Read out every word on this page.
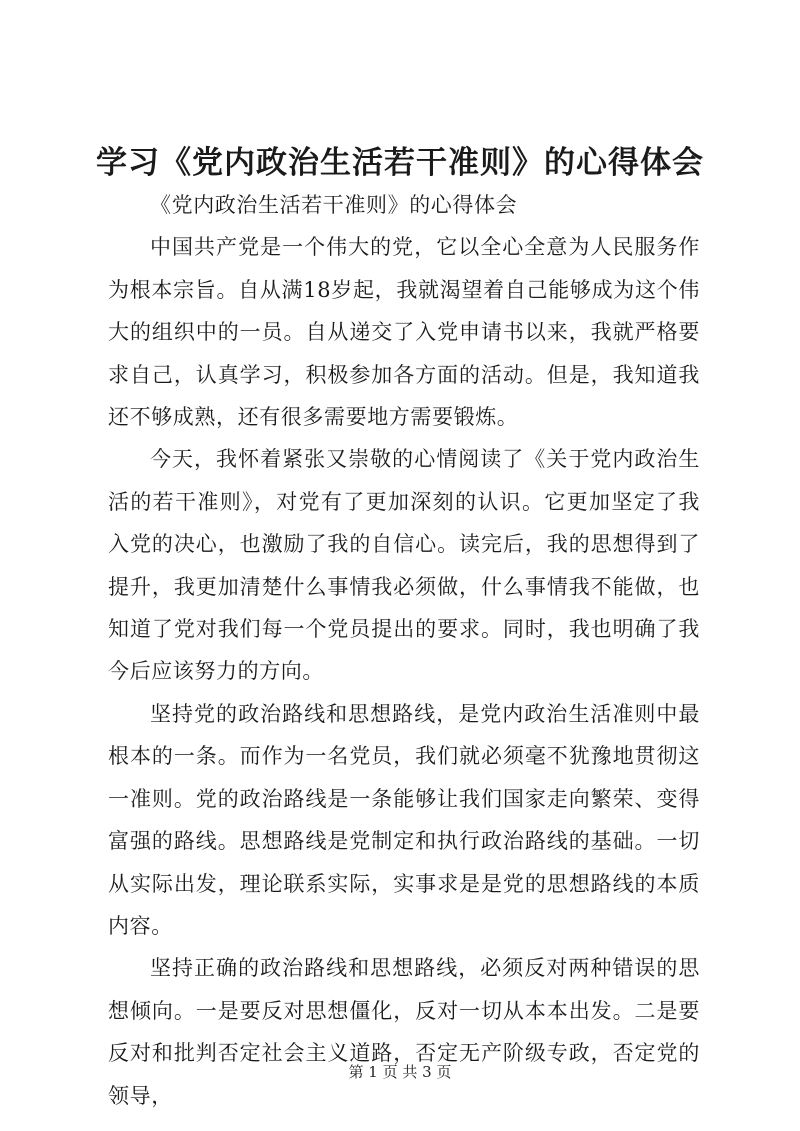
学习《党内政治生活若干准则》的心得体会

《党内政治生活若干准则》的心得体会

中国共产党是一个伟大的党，它以全心全意为人民服务作为根本宗旨。自从满18岁起，我就渴望着自己能够成为这个伟大的组织中的一员。自从递交了入党申请书以来，我就严格要求自己，认真学习，积极参加各方面的活动。但是，我知道我还不够成熟，还有很多需要地方需要锻炼。

今天，我怀着紧张又崇敬的心情阅读了《关于党内政治生活的若干准则》，对党有了更加深刻的认识。它更加坚定了我入党的决心，也激励了我的自信心。读完后，我的思想得到了提升，我更加清楚什么事情我必须做，什么事情我不能做，也知道了党对我们每一个党员提出的要求。同时，我也明确了我今后应该努力的方向。

坚持党的政治路线和思想路线，是党内政治生活准则中最根本的一条。而作为一名党员，我们就必须毫不犹豫地贯彻这一准则。党的政治路线是一条能够让我们国家走向繁荣、变得富强的路线。思想路线是党制定和执行政治路线的基础。一切从实际出发，理论联系实际，实事求是是党的思想路线的本质内容。

坚持正确的政治路线和思想路线，必须反对两种错误的思想倾向。一是要反对思想僵化，反对一切从本本出发。二是要反对和批判否定社会主义道路，否定无产阶级专政，否定党的领导，

第 1 页 共 3 页
